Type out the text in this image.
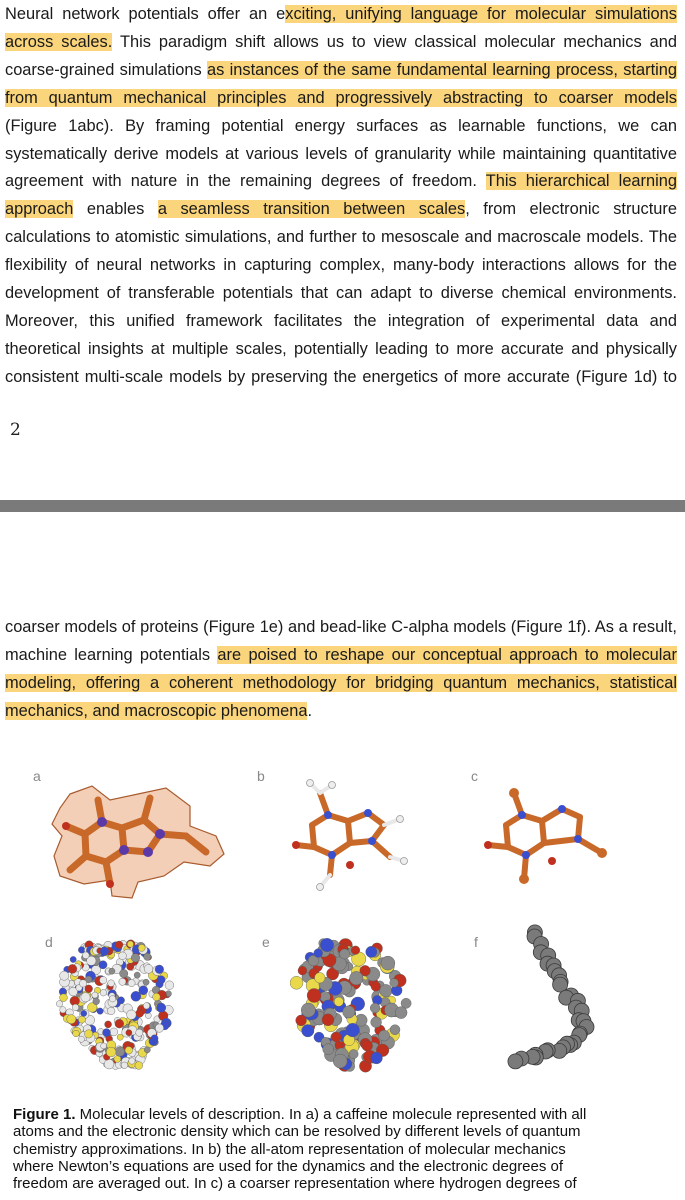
Neural network potentials offer an exciting, unifying language for molecular simulations
across scales. This paradigm shift allows us to view classical molecular mechanics and
coarse-grained simulations as instances of the same fundamental learning process, starting
from quantum mechanical principles and progressively abstracting to coarser models
(Figure 1abc). By framing potential energy surfaces as learnable functions, we can
systematically derive models at various levels of granularity while maintaining quantitative
agreement with nature in the remaining degrees of freedom. This hierarchical learning
approach enables a seamless transition between scales, from electronic structure
calculations to atomistic simulations, and further to mesoscale and macroscale models. The
flexibility of neural networks in capturing complex, many-body interactions allows for the
development of transferable potentials that can adapt to diverse chemical environments.
Moreover, this unified framework facilitates the integration of experimental data and
theoretical insights at multiple scales, potentially leading to more accurate and physically
consistent multi-scale models by preserving the energetics of more accurate (Figure 1d) to
2
coarser models of proteins (Figure 1e) and bead-like C-alpha models (Figure 1f). As a result,
machine learning potentials are poised to reshape our conceptual approach to molecular
modeling, offering a coherent methodology for bridging quantum mechanics, statistical
mechanics, and macroscopic phenomena.
a	b	c
d	e	f
Figure 1. Molecular levels of description. In a) a caffeine molecule represented with all
atoms and the electronic density which can be resolved by different levels of quantum
chemistry approximations. In b) the all-atom representation of molecular mechanics
where Newton’s equations are used for the dynamics and the electronic degrees of
freedom are averaged out. In c) a coarser representation where hydrogen degrees of
